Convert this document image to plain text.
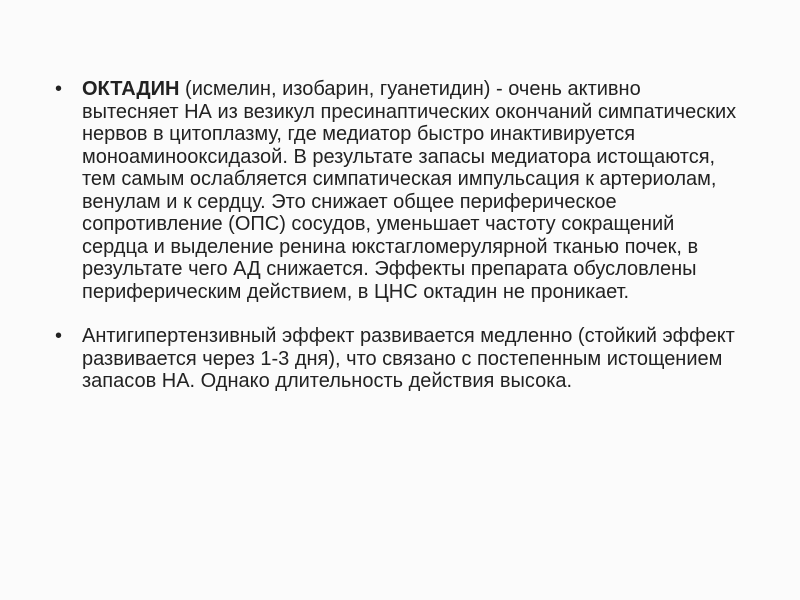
• ОКТАДИН (исмелин, изобарин, гуанетидин) - очень активно вытесняет НА из везикул пресинаптических окончаний симпатических нервов в цитоплазму, где медиатор быстро инактивируется моноаминооксидазой. В результате запасы медиатора истощаются, тем самым ослабляется симпатическая импульсация к артериолам, венулам и к сердцу. Это снижает общее периферическое сопротивление (ОПС) сосудов, уменьшает частоту сокращений сердца и выделение ренина юкстагломерулярной тканью почек, в результате чего АД снижается. Эффекты препарата обусловлены периферическим действием, в ЦНС октадин не проникает.
• Антигипертензивный эффект развивается медленно (стойкий эффект развивается через 1-3 дня), что связано с постепенным истощением запасов НА. Однако длительность действия высока.
